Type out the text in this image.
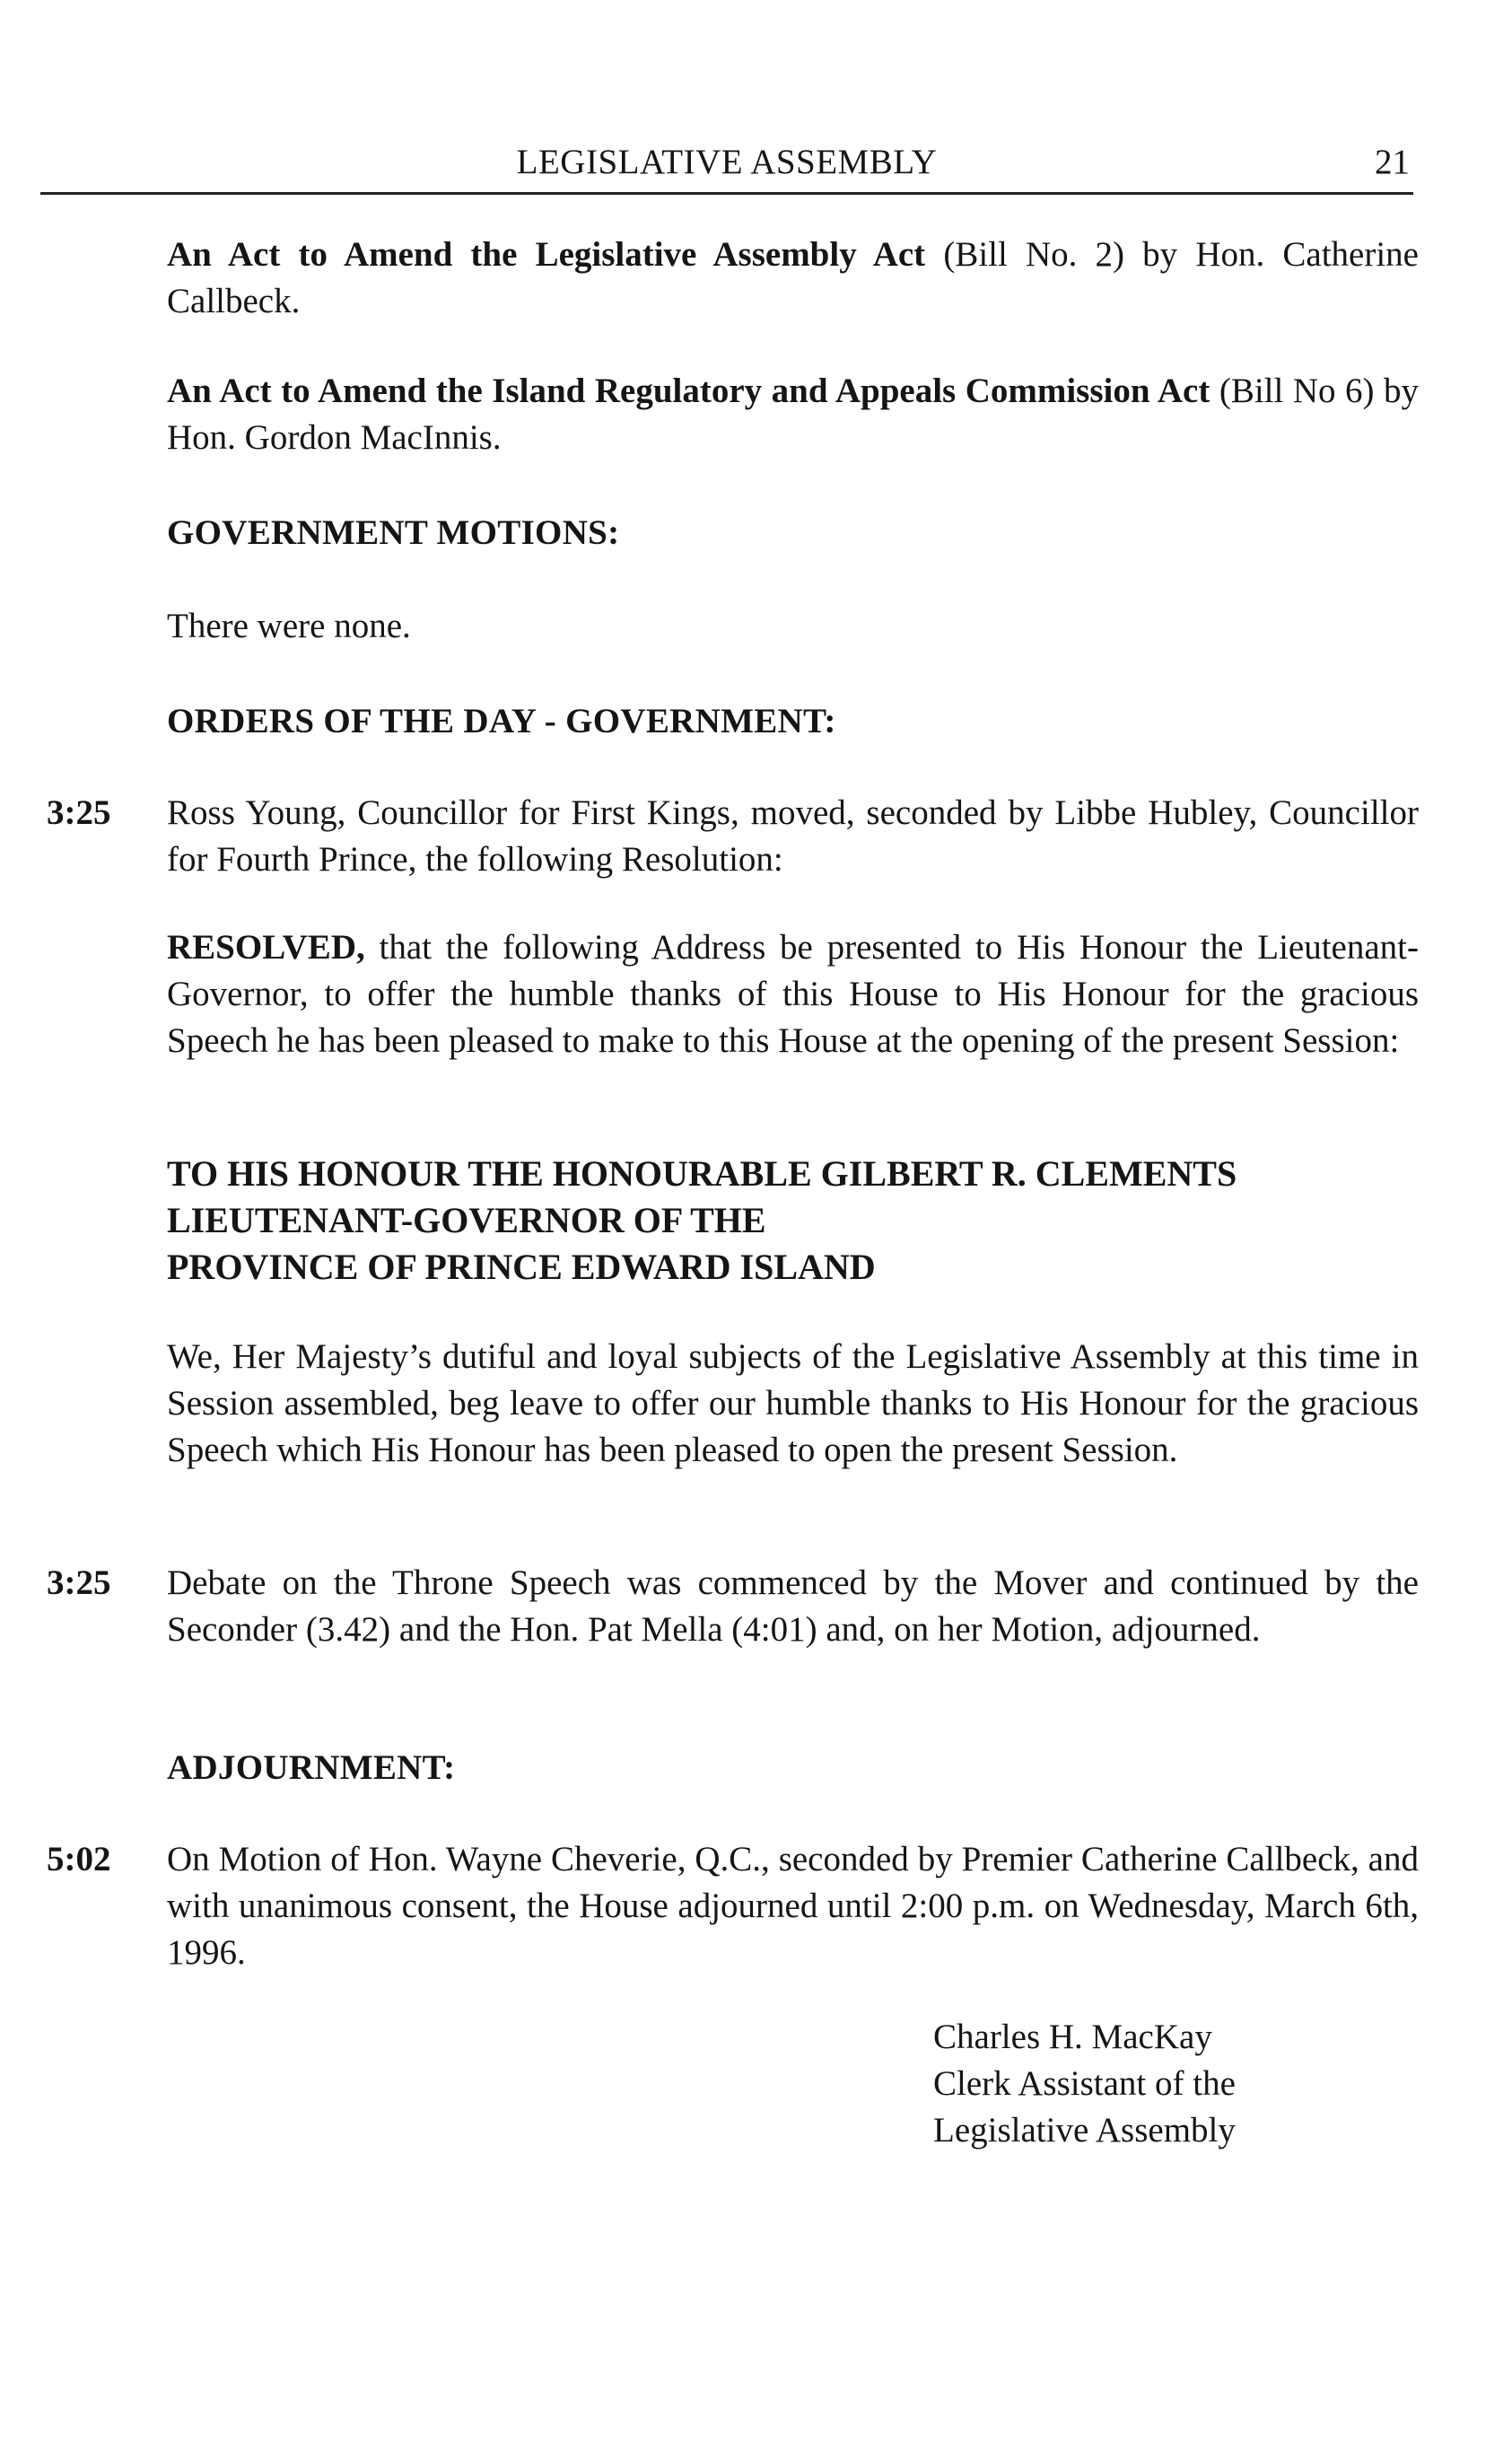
LEGISLATIVE ASSEMBLY	21
An Act to Amend the Legislative Assembly Act (Bill No. 2) by Hon. Catherine Callbeck.
An Act to Amend the Island Regulatory and Appeals Commission Act (Bill No 6) by Hon. Gordon MacInnis.
GOVERNMENT MOTIONS:
There were none.
ORDERS OF THE DAY - GOVERNMENT:
3:25 Ross Young, Councillor for First Kings, moved, seconded by Libbe Hubley, Councillor for Fourth Prince, the following Resolution:
RESOLVED, that the following Address be presented to His Honour the Lieutenant-Governor, to offer the humble thanks of this House to His Honour for the gracious Speech he has been pleased to make to this House at the opening of the present Session:
TO HIS HONOUR THE HONOURABLE GILBERT R. CLEMENTS
LIEUTENANT-GOVERNOR OF THE
PROVINCE OF PRINCE EDWARD ISLAND
We, Her Majesty’s dutiful and loyal subjects of the Legislative Assembly at this time in Session assembled, beg leave to offer our humble thanks to His Honour for the gracious Speech which His Honour has been pleased to open the present Session.
3:25 Debate on the Throne Speech was commenced by the Mover and continued by the Seconder (3.42) and the Hon. Pat Mella (4:01) and, on her Motion, adjourned.
ADJOURNMENT:
5:02 On Motion of Hon. Wayne Cheverie, Q.C., seconded by Premier Catherine Callbeck, and with unanimous consent, the House adjourned until 2:00 p.m. on Wednesday, March 6th, 1996.
Charles H. MacKay
Clerk Assistant of the
Legislative Assembly
